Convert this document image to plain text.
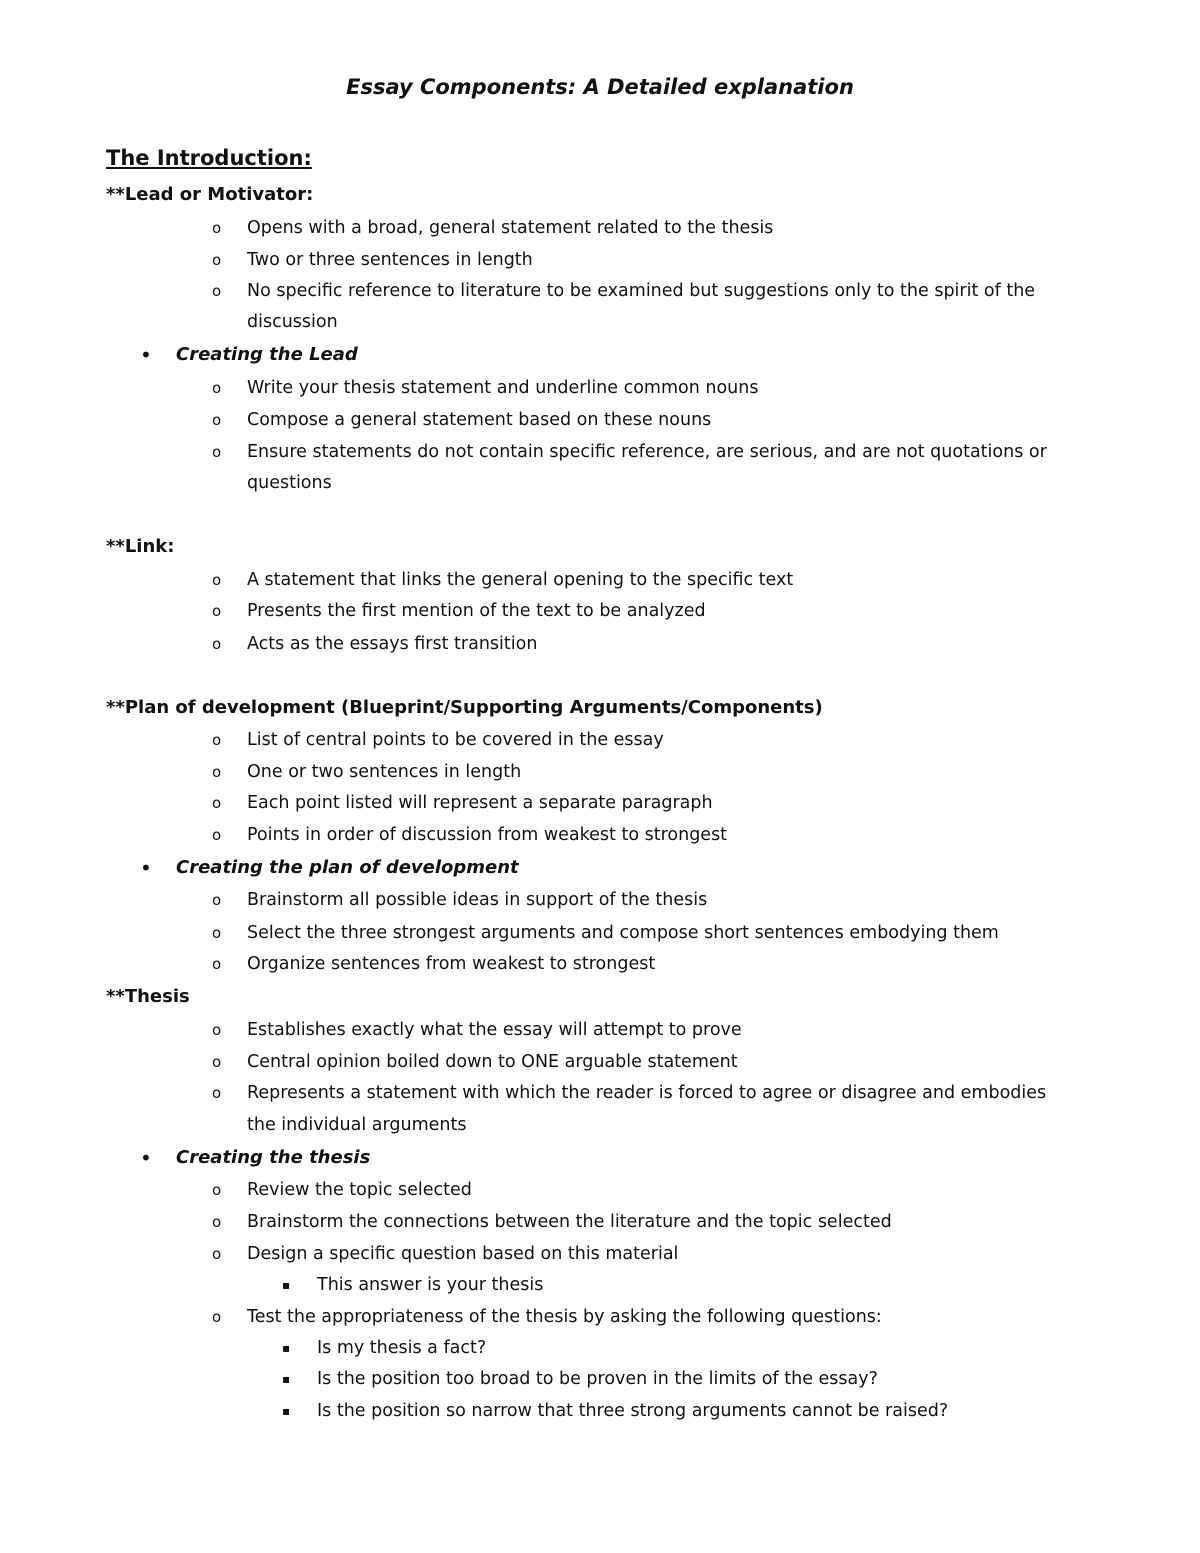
Essay Components: A Detailed explanation
The Introduction:
**Lead or Motivator:
Opens with a broad, general statement related to the thesis
o
Two or three sentences in length
o
No specific reference to literature to be examined but suggestions only to the spirit of the
o
discussion
Creating the Lead
•
Write your thesis statement and underline common nouns
o
Compose a general statement based on these nouns
o
Ensure statements do not contain specific reference, are serious, and are not quotations or
o
questions
**Link:
A statement that links the general opening to the specific text
o
Presents the first mention of the text to be analyzed
o
Acts as the essays first transition
o
**Plan of development (Blueprint/Supporting Arguments/Components)
List of central points to be covered in the essay
o
One or two sentences in length
o
Each point listed will represent a separate paragraph
o
Points in order of discussion from weakest to strongest
o
Creating the plan of development
•
Brainstorm all possible ideas in support of the thesis
o
Select the three strongest arguments and compose short sentences embodying them
o
Organize sentences from weakest to strongest
o
**Thesis
Establishes exactly what the essay will attempt to prove
o
Central opinion boiled down to ONE arguable statement
o
Represents a statement with which the reader is forced to agree or disagree and embodies
o
the individual arguments
Creating the thesis
•
Review the topic selected
o
Brainstorm the connections between the literature and the topic selected
o
Design a specific question based on this material
o
This answer is your thesis
▪
Test the appropriateness of the thesis by asking the following questions:
o
Is my thesis a fact?
▪
Is the position too broad to be proven in the limits of the essay?
▪
Is the position so narrow that three strong arguments cannot be raised?
▪
